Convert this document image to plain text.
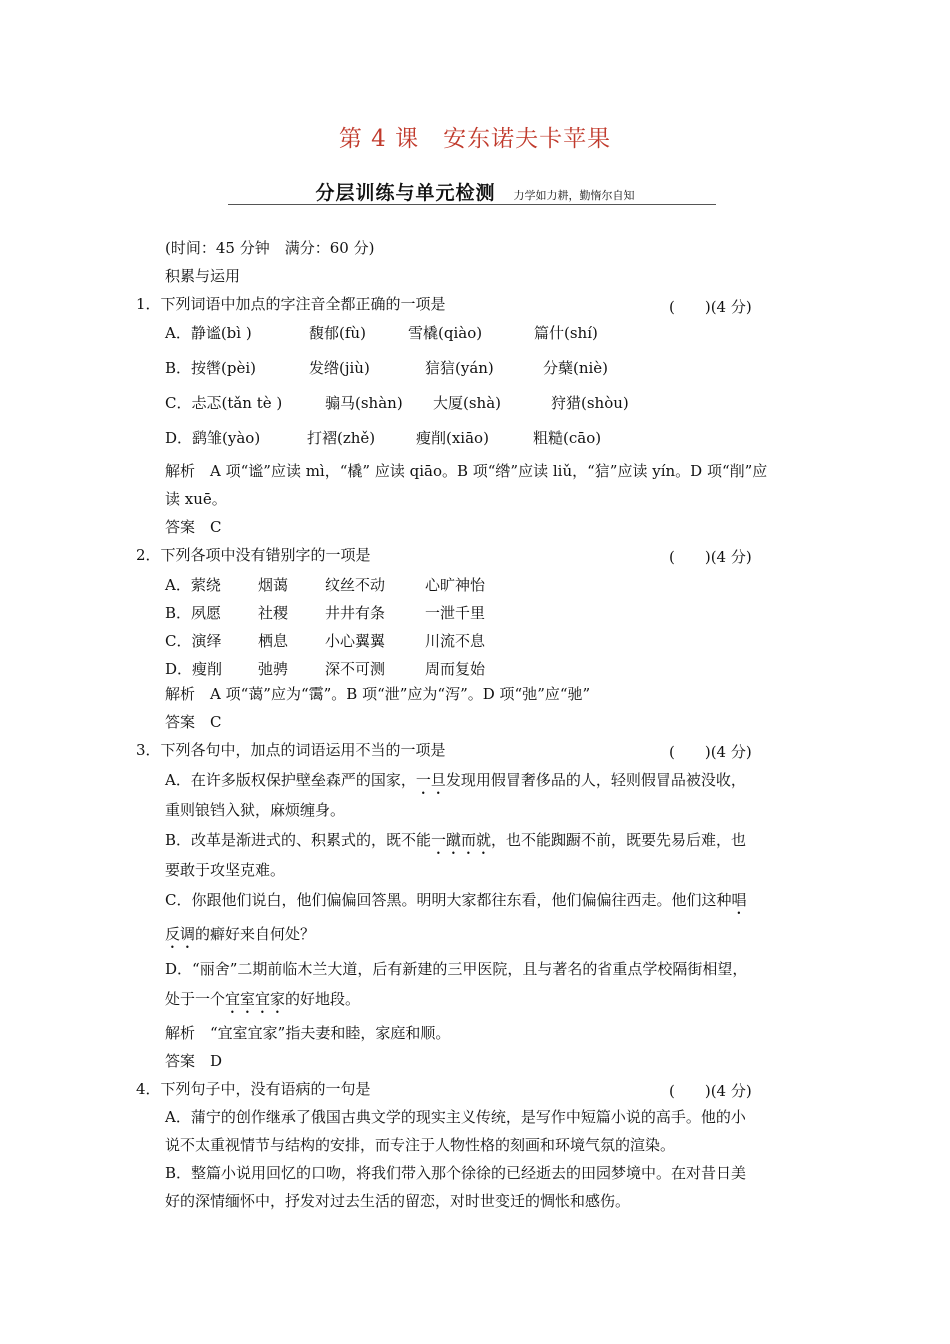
第 4 课　安东诺夫卡苹果
分层训练与单元检测 力学如力耕，勤惰尔自知
(时间：45 分钟　满分：60 分)
积累与运用
1．下列词语中加点的字注音全都正确的一项是	(　　)(4 分)
A．静谧(bì )	馥郁(fù)	雪橇(qiào)	篇什(shí)
B．按辔(pèi)	发绺(jiù)	狺狺(yán)	分蘖(niè)
C．忐忑(tǎn tè )	骟马(shàn) 大厦(shà)	狩猎(shòu)
D．鹞雏(yào)	打褶(zhě)	瘦削(xiāo)	粗糙(cāo)
解析　A 项“谧”应读 mì，“橇” 应读 qiāo。B 项“绺”应读 liǔ，“狺”应读 yín。D 项“削”应
读 xuē。
答案　C
2．下列各项中没有错别字的一项是	(　　)(4 分)
A．萦绕 烟蔼 纹丝不动	心旷神怡
B．夙愿 社稷 井井有条	一泄千里
C．演绎 栖息 小心翼翼	川流不息
D．瘦削 弛骋 深不可测	周而复始
解析　A 项“蔼”应为“霭”。B 项“泄”应为“泻”。D 项“弛”应“驰”
答案　C
3．下列各句中，加点的词语运用不当的一项是	(　　)(4 分)
A．在许多版权保护壁垒森严的国家，一旦发现用假冒奢侈品的人，轻则假冒品被没收，
重则锒铛入狱，麻烦缠身。
B．改革是渐进式的、积累式的，既不能一蹴而就，也不能踟蹰不前，既要先易后难，也
要敢于攻坚克难。
C．你跟他们说白，他们偏偏回答黑。明明大家都往东看，他们偏偏往西走。他们这种唱
反调的癖好来自何处？
D．“丽舍”二期前临木兰大道，后有新建的三甲医院，且与著名的省重点学校隔街相望，
处于一个宜室宜家的好地段。
解析　“宜室宜家”指夫妻和睦，家庭和顺。
答案　D
4．下列句子中，没有语病的一句是	(　　)(4 分)
A．蒲宁的创作继承了俄国古典文学的现实主义传统，是写作中短篇小说的高手。他的小
说不太重视情节与结构的安排，而专注于人物性格的刻画和环境气氛的渲染。
B．整篇小说用回忆的口吻，将我们带入那个徐徐的已经逝去的田园梦境中。在对昔日美
好的深情缅怀中，抒发对过去生活的留恋，对时世变迁的惆怅和感伤。
